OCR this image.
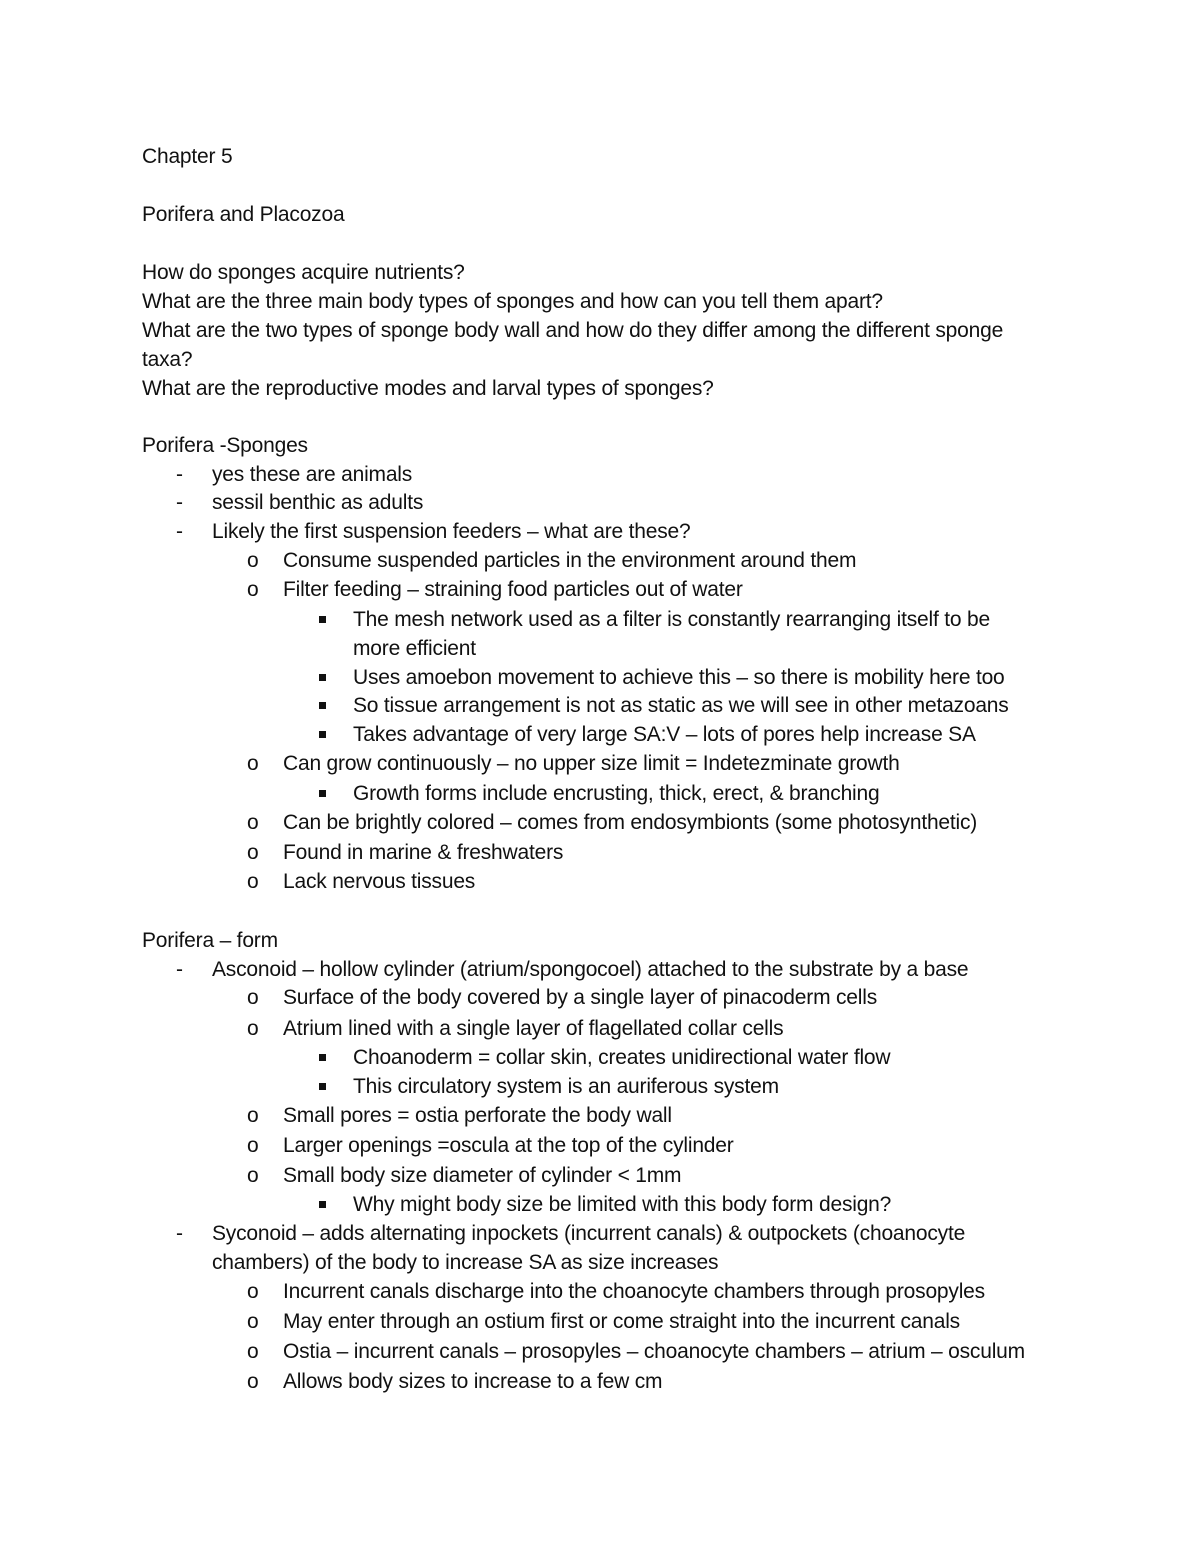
Chapter 5
Porifera and Placozoa
How do sponges acquire nutrients?
What are the three main body types of sponges and how can you tell them apart?
What are the two types of sponge body wall and how do they differ among the different sponge
taxa?
What are the reproductive modes and larval types of sponges?
Porifera -Sponges
- yes these are animals
- sessil benthic as adults
- Likely the first suspension feeders – what are these?
o Consume suspended particles in the environment around them
o Filter feeding – straining food particles out of water
The mesh network used as a filter is constantly rearranging itself to be
more efficient
Uses amoebon movement to achieve this – so there is mobility here too
So tissue arrangement is not as static as we will see in other metazoans
Takes advantage of very large SA:V – lots of pores help increase SA
o Can grow continuously – no upper size limit = Indetezminate growth
Growth forms include encrusting, thick, erect, & branching
o Can be brightly colored – comes from endosymbionts (some photosynthetic)
o Found in marine & freshwaters
o Lack nervous tissues
Porifera – form
- Asconoid – hollow cylinder (atrium/spongocoel) attached to the substrate by a base
o Surface of the body covered by a single layer of pinacoderm cells
o Atrium lined with a single layer of flagellated collar cells
Choanoderm = collar skin, creates unidirectional water flow
This circulatory system is an auriferous system
o Small pores = ostia perforate the body wall
o Larger openings =oscula at the top of the cylinder
o Small body size diameter of cylinder < 1mm
Why might body size be limited with this body form design?
- Syconoid – adds alternating inpockets (incurrent canals) & outpockets (choanocyte
chambers) of the body to increase SA as size increases
o Incurrent canals discharge into the choanocyte chambers through prosopyles
o May enter through an ostium first or come straight into the incurrent canals
o Ostia – incurrent canals – prosopyles – choanocyte chambers – atrium – osculum
o Allows body sizes to increase to a few cm
